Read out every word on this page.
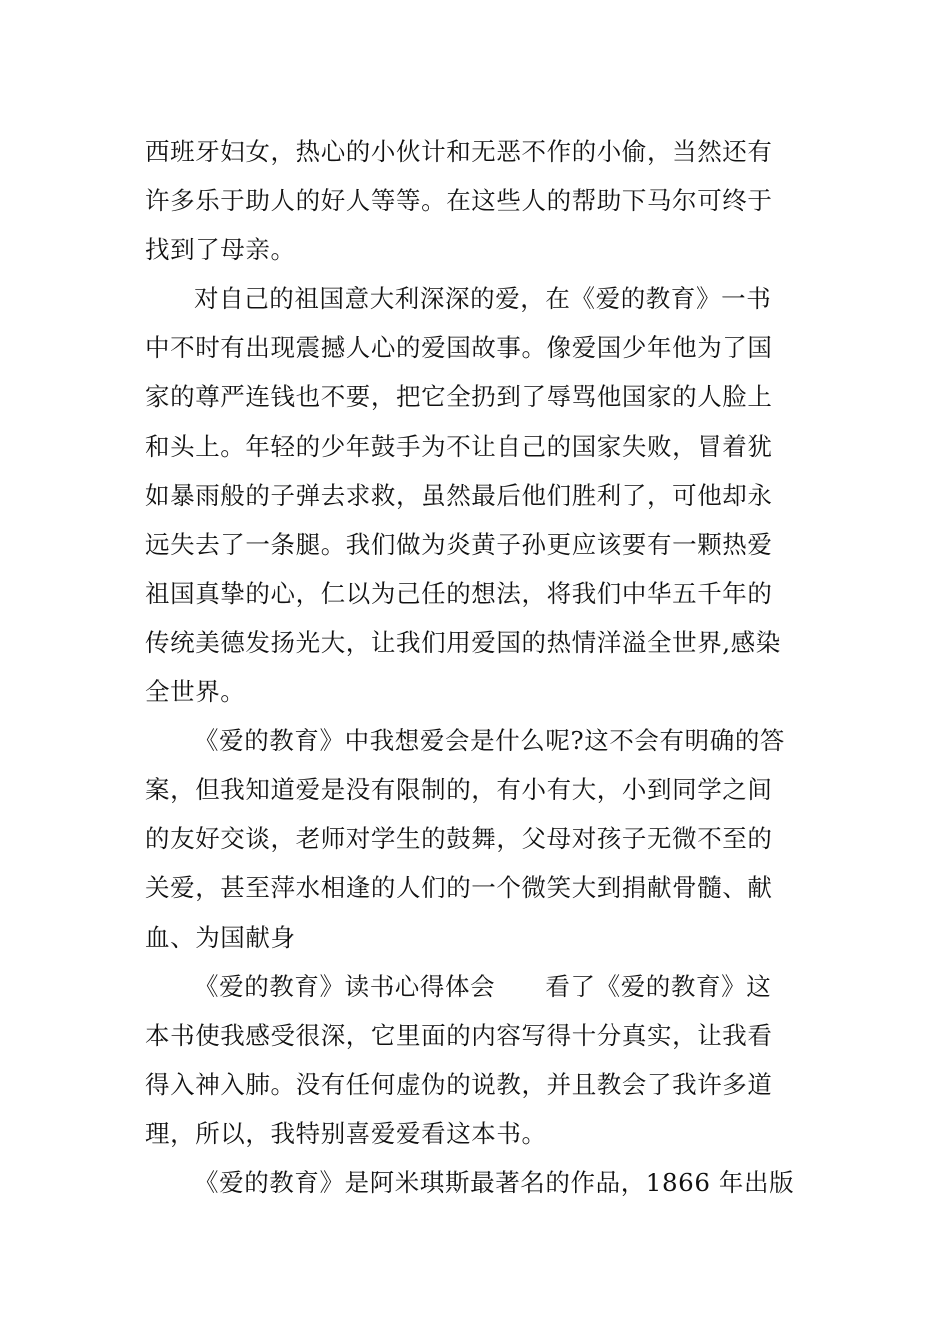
西班牙妇女，热心的小伙计和无恶不作的小偷，当然还有
许多乐于助人的好人等等。在这些人的帮助下马尔可终于
找到了母亲。

对自己的祖国意大利深深的爱，在《爱的教育》一书
中不时有出现震撼人心的爱国故事。像爱国少年他为了国
家的尊严连钱也不要，把它全扔到了辱骂他国家的人脸上
和头上。年轻的少年鼓手为不让自己的国家失败，冒着犹
如暴雨般的子弹去求救，虽然最后他们胜利了，可他却永
远失去了一条腿。我们做为炎黄子孙更应该要有一颗热爱
祖国真挚的心，仁以为己任的想法，将我们中华五千年的
传统美德发扬光大，让我们用爱国的热情洋溢全世界,感染
全世界。

《爱的教育》中我想爱会是什么呢?这不会有明确的答
案，但我知道爱是没有限制的，有小有大，小到同学之间
的友好交谈，老师对学生的鼓舞，父母对孩子无微不至的
关爱，甚至萍水相逢的人们的一个微笑大到捐献骨髓、献
血、为国献身

《爱的教育》读书心得体会　　看了《爱的教育》这
本书使我感受很深，它里面的内容写得十分真实，让我看
得入神入肺。没有任何虚伪的说教，并且教会了我许多道
理，所以，我特别喜爱爱看这本书。

《爱的教育》是阿米琪斯最著名的作品，1866 年出版
